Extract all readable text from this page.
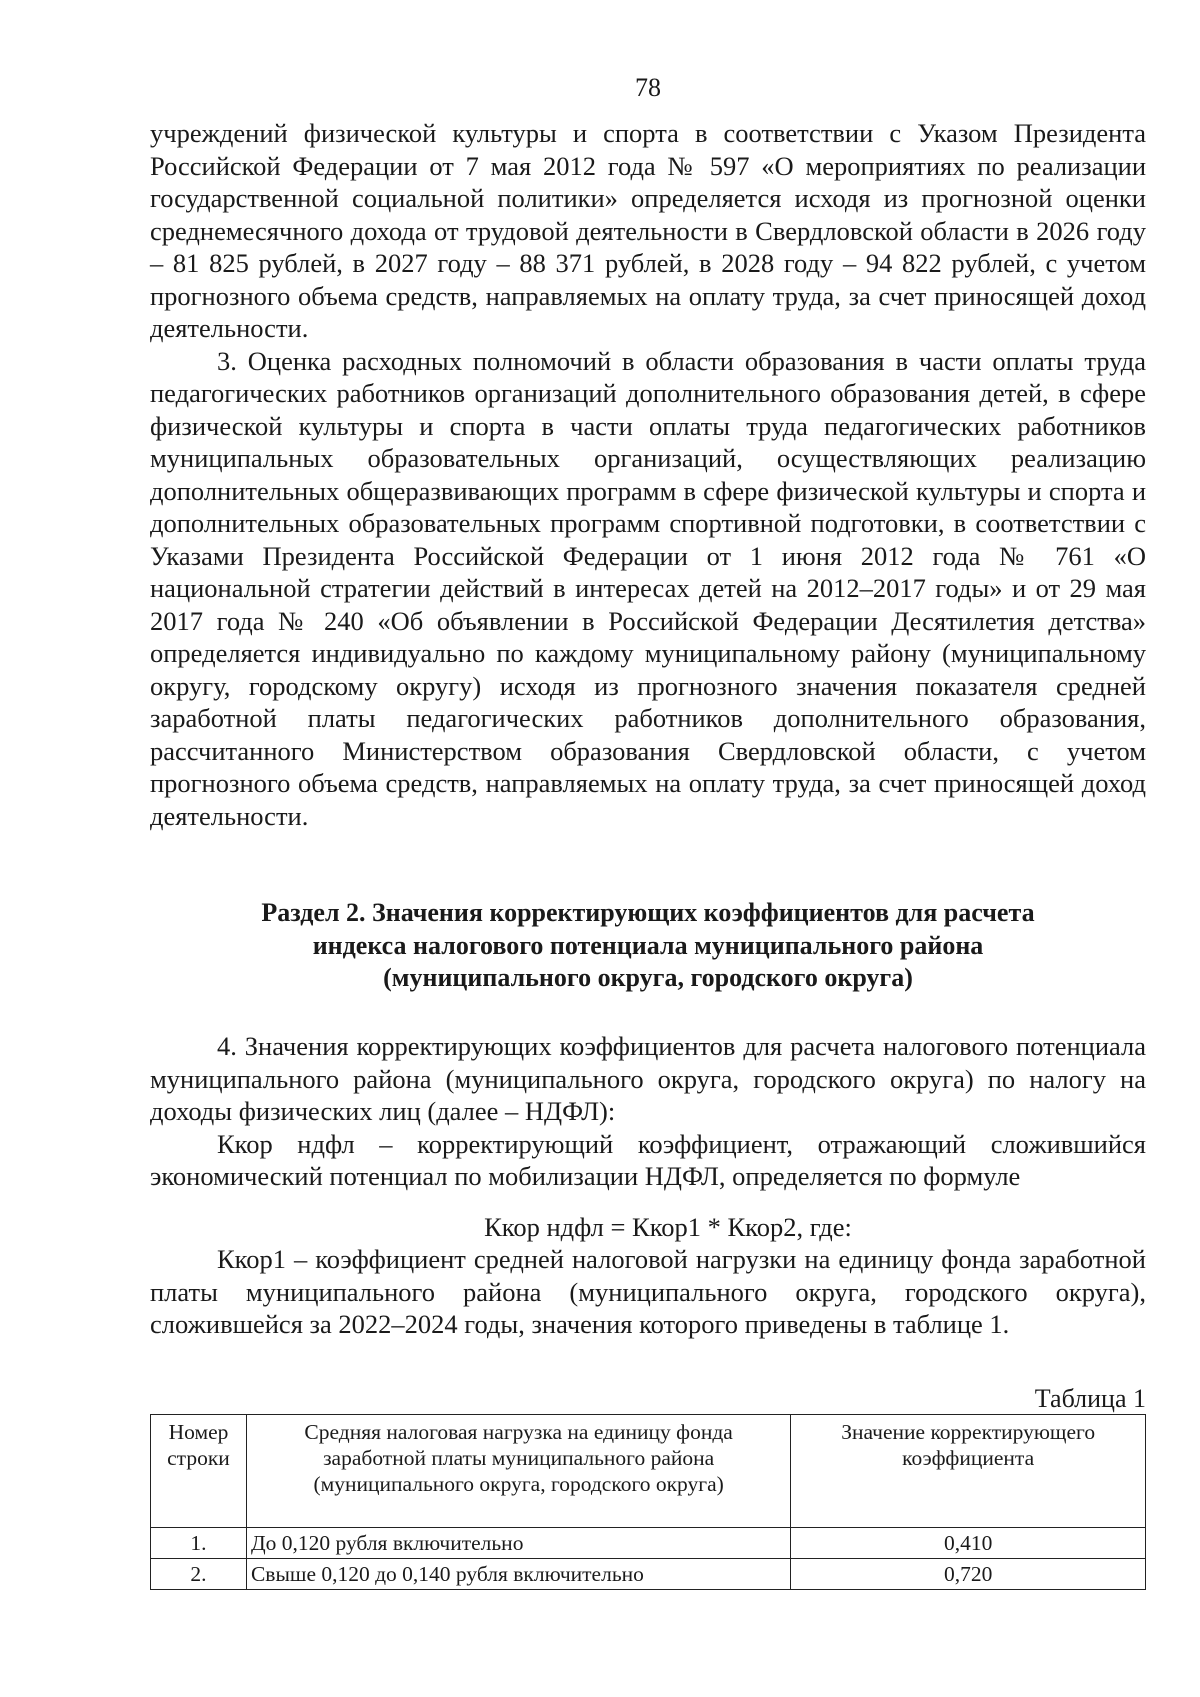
78

учреждений физической культуры и спорта в соответствии с Указом Президента Российской Федерации от 7 мая 2012 года № 597 «О мероприятиях по реализации государственной социальной политики» определяется исходя из прогнозной оценки среднемесячного дохода от трудовой деятельности в Свердловской области в 2026 году – 81 825 рублей, в 2027 году – 88 371 рублей, в 2028 году – 94 822 рублей, с учетом прогнозного объема средств, направляемых на оплату труда, за счет приносящей доход деятельности.

3. Оценка расходных полномочий в области образования в части оплаты труда педагогических работников организаций дополнительного образования детей, в сфере физической культуры и спорта в части оплаты труда педагогических работников муниципальных образовательных организаций, осуществляющих реализацию дополнительных общеразвивающих программ в сфере физической культуры и спорта и дополнительных образовательных программ спортивной подготовки, в соответствии с Указами Президента Российской Федерации от 1 июня 2012 года № 761 «О национальной стратегии действий в интересах детей на 2012–2017 годы» и от 29 мая 2017 года № 240 «Об объявлении в Российской Федерации Десятилетия детства» определяется индивидуально по каждому муниципальному району (муниципальному округу, городскому округу) исходя из прогнозного значения показателя средней заработной платы педагогических работников дополнительного образования, рассчитанного Министерством образования Свердловской области, с учетом прогнозного объема средств, направляемых на оплату труда, за счет приносящей доход деятельности.

Раздел 2. Значения корректирующих коэффициентов для расчета
индекса налогового потенциала муниципального района
(муниципального округа, городского округа)

4. Значения корректирующих коэффициентов для расчета налогового потенциала муниципального района (муниципального округа, городского округа) по налогу на доходы физических лиц (далее – НДФЛ):

Ккор ндфл – корректирующий коэффициент, отражающий сложившийся экономический потенциал по мобилизации НДФЛ, определяется по формуле

Ккор ндфл = Ккор1 * Ккор2, где:

Ккор1 – коэффициент средней налоговой нагрузки на единицу фонда заработной платы муниципального района (муниципального округа, городского округа), сложившейся за 2022–2024 годы, значения которого приведены в таблице 1.

Таблица 1
Номер строки	Средняя налоговая нагрузка на единицу фонда заработной платы муниципального района (муниципального округа, городского округа)	Значение корректирующего коэффициента
1.	До 0,120 рубля включительно	0,410
2.	Свыше 0,120 до 0,140 рубля включительно	0,720
